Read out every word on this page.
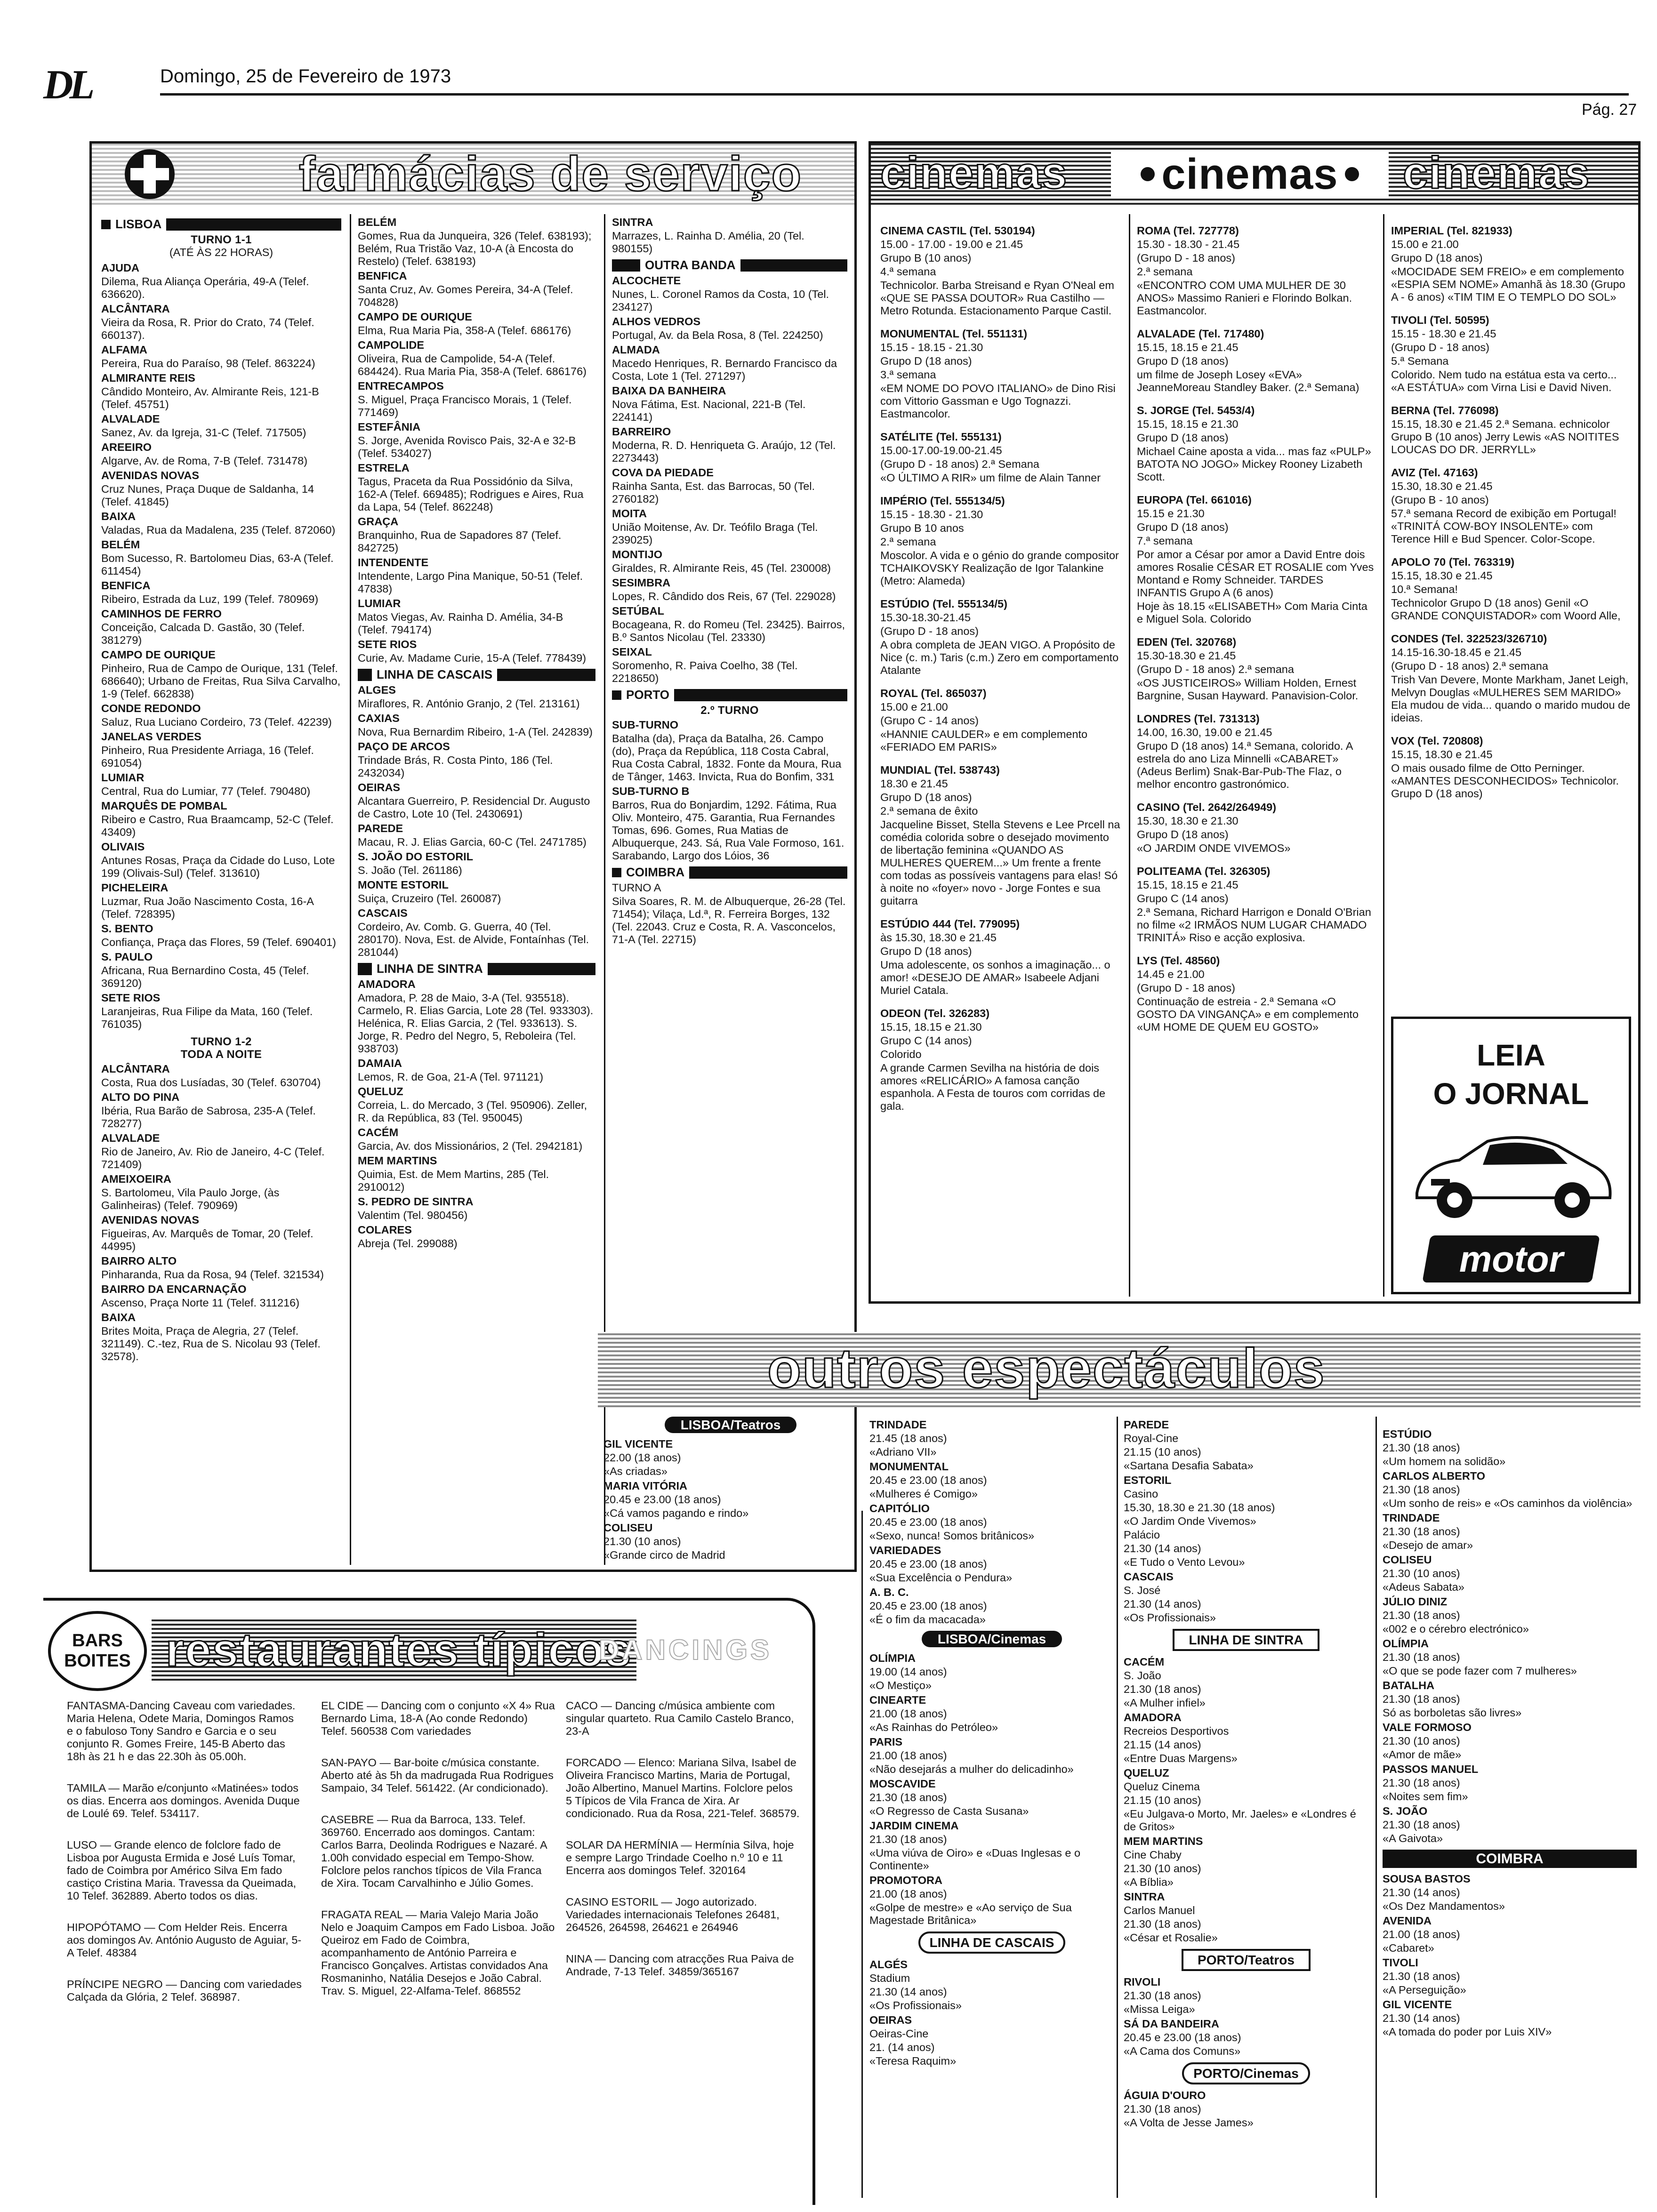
DL	Domingo, 25 de Fevereiro de 1973
Pág. 27
farmácias de serviço
LISBOA
TURNO 1-1
(ATÉ ÀS 22 HORAS)

AJUDA

Dilema, Rua Aliança Operária, 49-A (Telef. 636620).

ALCÂNTARA

Vieira da Rosa, R. Prior do Crato, 74 (Telef. 660137).

ALFAMA

Pereira, Rua do Paraíso, 98 (Telef. 863224)

ALMIRANTE REIS

Cândido Monteiro, Av. Almirante Reis, 121-B (Telef. 45751)

ALVALADE

Sanez, Av. da Igreja, 31-C (Telef. 717505)

AREEIRO

Algarve, Av. de Roma, 7-B (Telef. 731478)

AVENIDAS NOVAS

Cruz Nunes, Praça Duque de Saldanha, 14 (Telef. 41845)

BAIXA

Valadas, Rua da Madalena, 235 (Telef. 872060)

BELÉM

Bom Sucesso, R. Bartolomeu Dias, 63-A (Telef. 611454)

BENFICA

Ribeiro, Estrada da Luz, 199 (Telef. 780969)

CAMINHOS DE FERRO

Conceição, Calcada D. Gastão, 30 (Telef. 381279)

CAMPO DE OURIQUE

Pinheiro, Rua de Campo de Ourique, 131 (Telef. 686640); Urbano de Freitas, Rua Silva Carvalho, 1-9 (Telef. 662838)

CONDE REDONDO

Saluz, Rua Luciano Cordeiro, 73 (Telef. 42239)

JANELAS VERDES

Pinheiro, Rua Presidente Arriaga, 16 (Telef. 691054)

LUMIAR

Central, Rua do Lumiar, 77 (Telef. 790480)

MARQUÊS DE POMBAL

Ribeiro e Castro, Rua Braamcamp, 52-C (Telef. 43409)

OLIVAIS

Antunes Rosas, Praça da Cidade do Luso, Lote 199 (Olivais-Sul) (Telef. 313610)

PICHELEIRA

Luzmar, Rua João Nascimento Costa, 16-A (Telef. 728395)

S. BENTO

Confiança, Praça das Flores, 59 (Telef. 690401)

S. PAULO

Africana, Rua Bernardino Costa, 45 (Telef. 369120)

SETE RIOS

Laranjeiras, Rua Filipe da Mata, 160 (Telef. 761035)

TURNO 1-2
TODA A NOITE

ALCÂNTARA

Costa, Rua dos Lusíadas, 30 (Telef. 630704)

ALTO DO PINA

Ibéria, Rua Barão de Sabrosa, 235-A (Telef. 728277)

ALVALADE

Rio de Janeiro, Av. Rio de Janeiro, 4-C (Telef. 721409)

AMEIXOEIRA

S. Bartolomeu, Vila Paulo Jorge, (às Galinheiras) (Telef. 790969)

AVENIDAS NOVAS

Figueiras, Av. Marquês de Tomar, 20 (Telef. 44995)

BAIRRO ALTO

Pinharanda, Rua da Rosa, 94 (Telef. 321534)

BAIRRO DA ENCARNAÇÃO

Ascenso, Praça Norte 11 (Telef. 311216)

BAIXA

Brites Moita, Praça de Alegria, 27 (Telef. 321149). C.-tez, Rua de S. Nicolau 93 (Telef. 32578).

BELÉM

Gomes, Rua da Junqueira, 326 (Telef. 638193); Belém, Rua Tristão Vaz, 10-A (à Encosta do Restelo) (Telef. 638193)

BENFICA

Santa Cruz, Av. Gomes Pereira, 34-A (Telef. 704828)

CAMPO DE OURIQUE

Elma, Rua Maria Pia, 358-A (Telef. 686176)

CAMPOLIDE

Oliveira, Rua de Campolide, 54-A (Telef. 684424). Rua Maria Pia, 358-A (Telef. 686176)

ENTRECAMPOS

S. Miguel, Praça Francisco Morais, 1 (Telef. 771469)

ESTEFÂNIA

S. Jorge, Avenida Rovisco Pais, 32-A e 32-B (Telef. 534027)

ESTRELA

Tagus, Praceta da Rua Possidónio da Silva, 162-A (Telef. 669485); Rodrigues e Aires, Rua da Lapa, 54 (Telef. 862248)

GRAÇA

Branquinho, Rua de Sapadores 87 (Telef. 842725)

INTENDENTE

Intendente, Largo Pina Manique, 50-51 (Telef. 47838)

LUMIAR

Matos Viegas, Av. Rainha D. Amélia, 34-B (Telef. 794174)

SETE RIOS

Curie, Av. Madame Curie, 15-A (Telef. 778439)

LINHA DE CASCAIS

ALGES

Miraflores, R. António Granjo, 2 (Tel. 213161)

CAXIAS

Nova, Rua Bernardim Ribeiro, 1-A (Tel. 242839)

PAÇO DE ARCOS

Trindade Brás, R. Costa Pinto, 186 (Tel. 2432034)

OEIRAS

Alcantara Guerreiro, P. Residencial Dr. Augusto de Castro, Lote 10 (Tel. 2430691)

PAREDE

Macau, R. J. Elias Garcia, 60-C (Tel. 2471785)

S. JOÃO DO ESTORIL

S. João (Tel. 261186)

MONTE ESTORIL

Suiça, Cruzeiro (Tel. 260087)

CASCAIS

Cordeiro, Av. Comb. G. Guerra, 40 (Tel. 280170). Nova, Est. de Alvide, Fontaínhas (Tel. 281044)

LINHA DE SINTRA

AMADORA

Amadora, P. 28 de Maio, 3-A (Tel. 935518). Carmelo, R. Elias Garcia, Lote 28 (Tel. 933303). Helénica, R. Elias Garcia, 2 (Tel. 933613). S. Jorge, R. Pedro del Negro, 5, Reboleira (Tel. 938703)

DAMAIA

Lemos, R. de Goa, 21-A (Tel. 971121)

QUELUZ

Correia, L. do Mercado, 3 (Tel. 950906). Zeller, R. da República, 83 (Tel. 950045)

CACÉM

Garcia, Av. dos Missionários, 2 (Tel. 2942181)

MEM MARTINS

Quimia, Est. de Mem Martins, 285 (Tel. 2910012)

S. PEDRO DE SINTRA

Valentim (Tel. 980456)

COLARES

Abreja (Tel. 299088)

SINTRA

Marrazes, L. Rainha D. Amélia, 20 (Tel. 980155)

OUTRA BANDA

ALCOCHETE

Nunes, L. Coronel Ramos da Costa, 10 (Tel. 234127)

ALHOS VEDROS

Portugal, Av. da Bela Rosa, 8 (Tel. 224250)

ALMADA

Macedo Henriques, R. Bernardo Francisco da Costa, Lote 1 (Tel. 271297)

BAIXA DA BANHEIRA

Nova Fátima, Est. Nacional, 221-B (Tel. 224141)

BARREIRO

Moderna, R. D. Henriqueta G. Araújo, 12 (Tel. 2273443)

COVA DA PIEDADE

Rainha Santa, Est. das Barrocas, 50 (Tel. 2760182)

MOITA

União Moitense, Av. Dr. Teófilo Braga (Tel. 239025)

MONTIJO

Giraldes, R. Almirante Reis, 45 (Tel. 230008)

SESIMBRA

Lopes, R. Cândido dos Reis, 67 (Tel. 229028)

SETÚBAL

Bocageana, R. do Romeu (Tel. 23425). Bairros, B.º Santos Nicolau (Tel. 23330)

SEIXAL

Soromenho, R. Paiva Coelho, 38 (Tel. 2218650)

PORTO
2.º TURNO

SUB-TURNO

Batalha (da), Praça da Batalha, 26. Campo (do), Praça da República, 118 Costa Cabral, Rua Costa Cabral, 1832. Fonte da Moura, Rua de Tânger, 1463. Invicta, Rua do Bonfim, 331

SUB-TURNO B

Barros, Rua do Bonjardim, 1292. Fátima, Rua Oliv. Monteiro, 475. Garantia, Rua Fernandes Tomas, 696. Gomes, Rua Matias de Albuquerque, 243. Sá, Rua Vale Formoso, 161. Sarabando, Largo dos Lóios, 36

COIMBRA

TURNO A

Silva Soares, R. M. de Albuquerque, 26-28 (Tel. 71454); Vilaça, Ld.ª, R. Ferreira Borges, 132 (Tel. 22043. Cruz e Costa, R. A. Vasconcelos, 71-A (Tel. 22715)

cinemas cinemas cinemas

CINEMA CASTIL (Tel. 530194)

15.00 - 17.00 - 19.00 e 21.45

Grupo B (10 anos)

4.ª semana

Technicolor. Barba Streisand e Ryan O'Neal em «QUE SE PASSA DOUTOR» Rua Castilho — Metro Rotunda. Estacionamento Parque Castil.

MONUMENTAL (Tel. 551131)

15.15 - 18.15 - 21.30

Grupo D (18 anos)

3.ª semana

«EM NOME DO POVO ITALIANO» de Dino Risi com Vittorio Gassman e Ugo Tognazzi. Eastmancolor.

SATÉLITE (Tel. 555131)

15.00-17.00-19.00-21.45

(Grupo D - 18 anos) 2.ª Semana

«O ÚLTIMO A RIR» um filme de Alain Tanner

IMPÉRIO (Tel. 555134/5)

15.15 - 18.30 - 21.30

Grupo B 10 anos

2.ª semana

Moscolor. A vida e o génio do grande compositor TCHAIKOVSKY Realização de Igor Talankine (Metro: Alameda)

ESTÚDIO (Tel. 555134/5)

15.30-18.30-21.45

(Grupo D - 18 anos)

A obra completa de JEAN VIGO. A Propósito de Nice (c. m.) Taris (c.m.) Zero em comportamento Atalante

ROYAL (Tel. 865037)

15.00 e 21.00

(Grupo C - 14 anos)

«HANNIE CAULDER» e em complemento «FERIADO EM PARIS»

MUNDIAL (Tel. 538743)

18.30 e 21.45

Grupo D (18 anos)

2.ª semana de êxito

Jacqueline Bisset, Stella Stevens e Lee Prcell na comédia colorida sobre o desejado movimento de libertação feminina «QUANDO AS MULHERES QUEREM...» Um frente a frente com todas as possíveis vantagens para elas! Só à noite no «foyer» novo - Jorge Fontes e sua guitarra

ESTÚDIO 444 (Tel. 779095)

às 15.30, 18.30 e 21.45

Grupo D (18 anos)

Uma adolescente, os sonhos a imaginação... o amor! «DESEJO DE AMAR» Isabeele Adjani Muriel Catala.

ODEON (Tel. 326283)

15.15, 18.15 e 21.30

Grupo C (14 anos)

Colorido

A grande Carmen Sevilha na história de dois amores «RELICÁRIO» A famosa canção espanhola. A Festa de touros com corridas de gala.

ROMA (Tel. 727778)

15.30 - 18.30 - 21.45

(Grupo D - 18 anos)

2.ª semana

«ENCONTRO COM UMA MULHER DE 30 ANOS» Massimo Ranieri e Florindo Bolkan. Eastmancolor.

ALVALADE (Tel. 717480)

15.15, 18.15 e 21.45

Grupo D (18 anos)

um filme de Joseph Losey «EVA» JeanneMoreau Standley Baker. (2.ª Semana)

S. JORGE (Tel. 5453/4)

15.15, 18.15 e 21.30

Grupo D (18 anos)

Michael Caine aposta a vida... mas faz «PULP» BATOTA NO JOGO» Mickey Rooney Lizabeth Scott.

EUROPA (Tel. 661016)

15.15 e 21.30

Grupo D (18 anos)

7.ª semana

Por amor a César por amor a David Entre dois amores Rosalie CÉSAR ET ROSALIE com Yves Montand e Romy Schneider. TARDES INFANTIS Grupo A (6 anos)

Hoje às 18.15 «ELISABETH» Com Maria Cinta e Miguel Sola. Colorido

EDEN (Tel. 320768)

15.30-18.30 e 21.45

(Grupo D - 18 anos) 2.ª semana

«OS JUSTICEIROS» William Holden, Ernest Bargnine, Susan Hayward. Panavision-Color.

LONDRES (Tel. 731313)

14.00, 16.30, 19.00 e 21.45

Grupo D (18 anos) 14.ª Semana, colorido. A estrela do ano Liza Minnelli «CABARET» (Adeus Berlim) Snak-Bar-Pub-The Flaz, o melhor encontro gastronómico.

CASINO (Tel. 2642/264949)

15.30, 18.30 e 21.30

Grupo D (18 anos)

«O JARDIM ONDE VIVEMOS»

POLITEAMA (Tel. 326305)

15.15, 18.15 e 21.45

Grupo C (14 anos)

2.ª Semana, Richard Harrigon e Donald O'Brian no filme «2 IRMÃOS NUM LUGAR CHAMADO TRINITÁ» Riso e acção explosiva.

LYS (Tel. 48560)

14.45 e 21.00

(Grupo D - 18 anos)

Continuação de estreia - 2.ª Semana «O GOSTO DA VINGANÇA» e em complemento «UM HOME DE QUEM EU GOSTO»

IMPERIAL (Tel. 821933)

15.00 e 21.00

Grupo D (18 anos)

«MOCIDADE SEM FREIO» e em complemento «ESPIA SEM NOME» Amanhã às 18.30 (Grupo A - 6 anos) «TIM TIM E O TEMPLO DO SOL»

TIVOLI (Tel. 50595)

15.15 - 18.30 e 21.45

(Grupo D - 18 anos)

5.ª Semana

Colorido. Nem tudo na estátua esta va certo... «A ESTÁTUA» com Virna Lisi e David Niven.

BERNA (Tel. 776098)

15.15, 18.30 e 21.45 2.ª Semana. echnicolor Grupo B (10 anos) Jerry Lewis «AS NOITITES LOUCAS DO DR. JERRYLL»

AVIZ (Tel. 47163)

15.30, 18.30 e 21.45

(Grupo B - 10 anos)

57.ª semana Record de exibição em Portugal! «TRINITÁ COW-BOY INSOLENTE» com Terence Hill e Bud Spencer. Color-Scope.

APOLO 70 (Tel. 763319)

15.15, 18.30 e 21.45

10.ª Semana!

Technicolor Grupo D (18 anos) Genil «O GRANDE CONQUISTADOR» com Woord Alle,

CONDES (Tel. 322523/326710)

14.15-16.30-18.45 e 21.45

(Grupo D - 18 anos) 2.ª semana

Trish Van Devere, Monte Markham, Janet Leigh, Melvyn Douglas «MULHERES SEM MARIDO» Ela mudou de vida... quando o marido mudou de ideias.

VOX (Tel. 720808)

15.15, 18.30 e 21.45

O mais ousado filme de Otto Perninger. «AMANTES DESCONHECIDOS» Technicolor. Grupo D (18 anos)

LEIA
O JORNAL
motor
outros espectáculos
LISBOA/Teatros

GIL VICENTE

22.00 (18 anos)

«As criadas»

MARIA VITÓRIA

20.45 e 23.00 (18 anos)

«Cá vamos pagando e rindo»

COLISEU

21.30 (10 anos)

«Grande circo de Madrid

TRINDADE

21.45 (18 anos)

«Adriano VII»

MONUMENTAL

20.45 e 23.00 (18 anos)

«Mulheres é Comigo»

CAPITÓLIO

20.45 e 23.00 (18 anos)

«Sexo, nunca! Somos britânicos»

VARIEDADES

20.45 e 23.00 (18 anos)

«Sua Excelência o Pendura»

A. B. C.

20.45 e 23.00 (18 anos)

«É o fim da macacada»

LISBOA/Cinemas

OLÍMPIA

19.00 (14 anos)

«O Mestiço»

CINEARTE

21.00 (18 anos)

«As Rainhas do Petróleo»

PARIS

21.00 (18 anos)

«Não desejarás a mulher do delicadinho»

MOSCAVIDE

21.30 (18 anos)

«O Regresso de Casta Susana»

JARDIM CINEMA

21.30 (18 anos)

«Uma viúva de Oiro» e «Duas Inglesas e o Continente»

PROMOTORA

21.00 (18 anos)

«Golpe de mestre» e «Ao serviço de Sua Magestade Britânica»

LINHA DE CASCAIS

ALGÉS

Stadium

21.30 (14 anos)

«Os Profissionais»

OEIRAS

Oeiras-Cine

21. (14 anos)

«Teresa Raquim»

PAREDE

Royal-Cine

21.15 (10 anos)

«Sartana Desafia Sabata»

ESTORIL

Casino

15.30, 18.30 e 21.30 (18 anos)

«O Jardim Onde Vivemos»

Palácio

21.30 (14 anos)

«E Tudo o Vento Levou»

CASCAIS

S. José

21.30 (14 anos)

«Os Profissionais»

LINHA DE SINTRA

CACÉM

S. João

21.30 (18 anos)

«A Mulher infiel»

AMADORA

Recreios Desportivos

21.15 (14 anos)

«Entre Duas Margens»

QUELUZ

Queluz Cinema

21.15 (10 anos)

«Eu Julgava-o Morto, Mr. Jaeles» e «Londres é de Gritos»

MEM MARTINS

Cine Chaby

21.30 (10 anos)

«A Bíblia»

SINTRA

Carlos Manuel

21.30 (18 anos)

«César et Rosalie»

PORTO/Teatros

RIVOLI

21.30 (18 anos)

«Missa Leiga»

SÁ DA BANDEIRA

20.45 e 23.00 (18 anos)

«A Cama dos Comuns»

PORTO/Cinemas

ÁGUIA D'OURO

21.30 (18 anos)

«A Volta de Jesse James»

ESTÚDIO

21.30 (18 anos)

«Um homem na solidão»

CARLOS ALBERTO

21.30 (18 anos)

«Um sonho de reis» e «Os caminhos da violência»

TRINDADE

21.30 (18 anos)

«Desejo de amar»

COLISEU

21.30 (10 anos)

«Adeus Sabata»

JÚLIO DINIZ

21.30 (18 anos)

«002 e o cérebro electrónico»

OLÍMPIA

21.30 (18 anos)

«O que se pode fazer com 7 mulheres»

BATALHA

21.30 (18 anos)

Só as borboletas são livres»

VALE FORMOSO

21.30 (10 anos)

«Amor de mãe»

PASSOS MANUEL

21.30 (18 anos)

«Noites sem fim»

S. JOÃO

21.30 (18 anos)

«A Gaivota»

COIMBRA

SOUSA BASTOS

21.30 (14 anos)

«Os Dez Mandamentos»

AVENIDA

21.00 (18 anos)

«Cabaret»

TIVOLI

21.30 (18 anos)

«A Perseguição»

GIL VICENTE

21.30 (14 anos)

«A tomada do poder por Luis XIV»

BARS
BOITES restaurantes típicos
DANCINGS

FANTASMA-Dancing Caveau com variedades. Maria Helena, Odete Maria, Domingos Ramos e o fabuloso Tony Sandro e Garcia e o seu conjunto R. Gomes Freire, 145-B Aberto das 18h às 21 h e das 22.30h às 05.00h.

TAMILA — Marão e/conjunto «Matinées» todos os dias. Encerra aos domingos. Avenida Duque de Loulé 69. Telef. 534117.

LUSO — Grande elenco de folclore fado de Lisboa por Augusta Ermida e José Luís Tomar, fado de Coimbra por Américo Silva Em fado castiço Cristina Maria. Travessa da Queimada, 10 Telef. 362889. Aberto todos os dias.

HIPOPÓTAMO — Com Helder Reis. Encerra aos domingos Av. António Augusto de Aguiar, 5-A Telef. 48384

PRÍNCIPE NEGRO — Dancing com variedades Calçada da Glória, 2 Telef. 368987.

EL CIDE — Dancing com o conjunto «X 4» Rua Bernardo Lima, 18-A (Ao conde Redondo) Telef. 560538 Com variedades

SAN-PAYO — Bar-boite c/música constante. Aberto até às 5h da madrugada Rua Rodrigues Sampaio, 34 Telef. 561422. (Ar condicionado).

CASEBRE — Rua da Barroca, 133. Telef. 369760. Encerrado aos domingos. Cantam: Carlos Barra, Deolinda Rodrigues e Nazaré. A 1.00h convidado especial em Tempo-Show. Folclore pelos ranchos típicos de Vila Franca de Xira. Tocam Carvalhinho e Júlio Gomes.

FRAGATA REAL — Maria Valejo Maria João Nelo e Joaquim Campos em Fado Lisboa. João Queiroz em Fado de Coimbra, acompanhamento de António Parreira e Francisco Gonçalves. Artistas convidados Ana Rosmaninho, Natália Desejos e João Cabral. Trav. S. Miguel, 22-Alfama-Telef. 868552

CACO — Dancing c/música ambiente com singular quarteto. Rua Camilo Castelo Branco, 23-A

FORCADO — Elenco: Mariana Silva, Isabel de Oliveira Francisco Martins, Maria de Portugal, João Albertino, Manuel Martins. Folclore pelos 5 Típicos de Vila Franca de Xira. Ar condicionado. Rua da Rosa, 221-Telef. 368579.

SOLAR DA HERMÍNIA — Hermínia Silva, hoje e sempre Largo Trindade Coelho n.º 10 e 11 Encerra aos domingos Telef. 320164

CASINO ESTORIL — Jogo autorizado. Variedades internacionais Telefones 26481, 264526, 264598, 264621 e 264946

NINA — Dancing com atracções Rua Paiva de Andrade, 7-13 Telef. 34859/365167
